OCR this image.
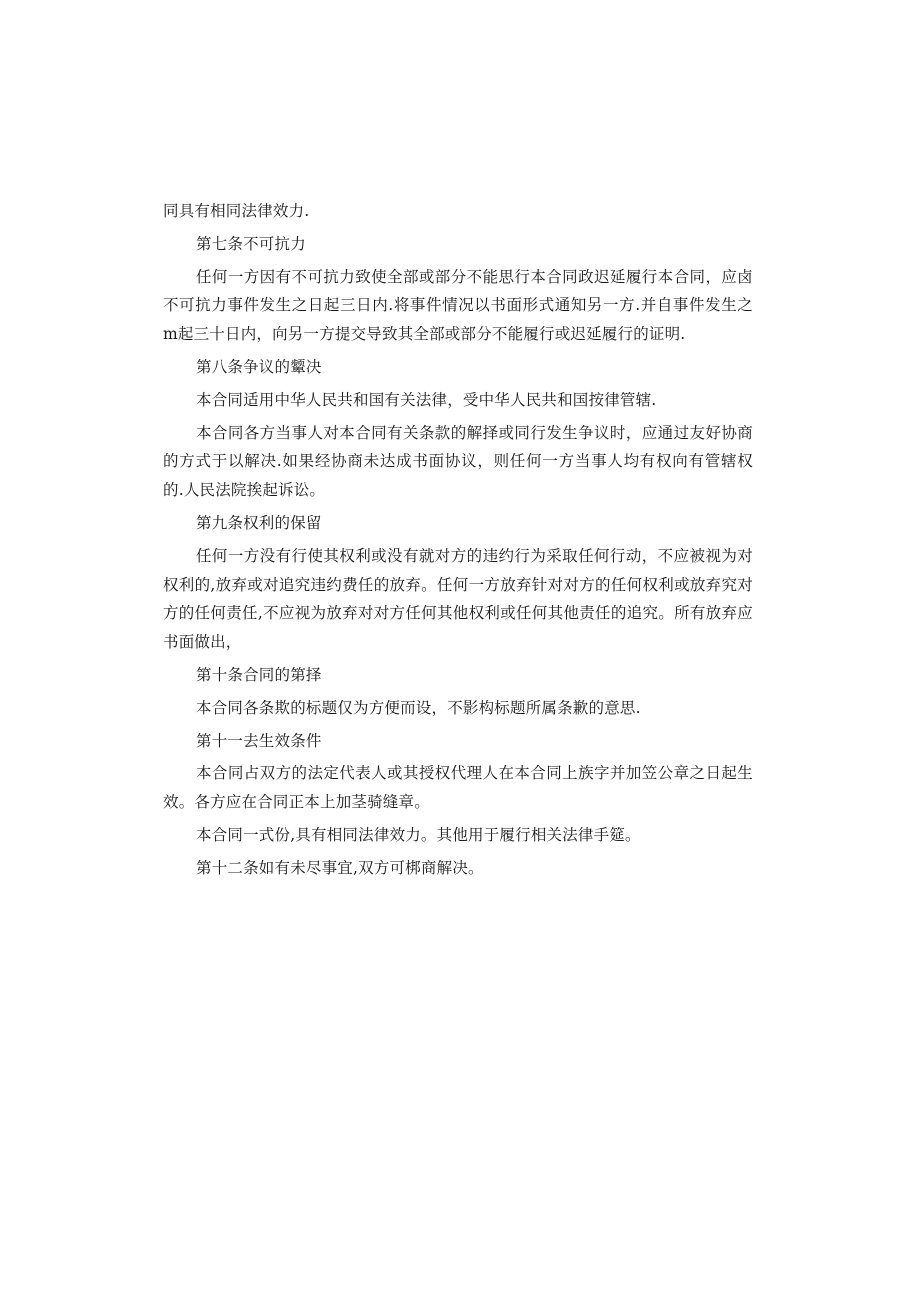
同具有相同法律效力.

第七条不可抗力

任何一方因有不可抗力致使全部或部分不能思行本合同政迟延履行本合同，应卤不可抗力事件发生之日起三日内.将事件情况以书面形式通知另一方.并自事件发生之m起三十日内，向另一方提交导致其全部或部分不能履行或迟延履行的证明.

第八条争议的颦决

本合同适用中华人民共和国有关法律，受中华人民共和国按律管辖.

本合同各方当事人对本合同有关条款的解择或同行发生争议时，应通过友好协商的方式于以解决.如果经协商未达成书面协议，则任何一方当事人均有权向有管辖权的.人民法院挨起诉讼。

第九条权利的保留

任何一方没有行使其权利或没有就对方的违约行为采取任何行动，不应被视为对权利的,放弃或对追究违约费任的放弃。任何一方放弃针对对方的任何权利或放弃究对方的任何责任,不应视为放弃对对方任何其他权利或任何其他责任的追究。所有放弃应书面做出，

第十条合同的第择

本合同各条欺的标题仅为方便而设，不影构标题所属条歉的意思.

第十一去生效条件

本合同占双方的法定代表人或其授权代理人在本合同上族字并加笠公章之日起生效。各方应在合同正本上加茎骑缝章。

本合同一式份,具有相同法律效力。其他用于履行相关法律手筵。

第十二条如有未尽事宜,双方可梆商解决。
